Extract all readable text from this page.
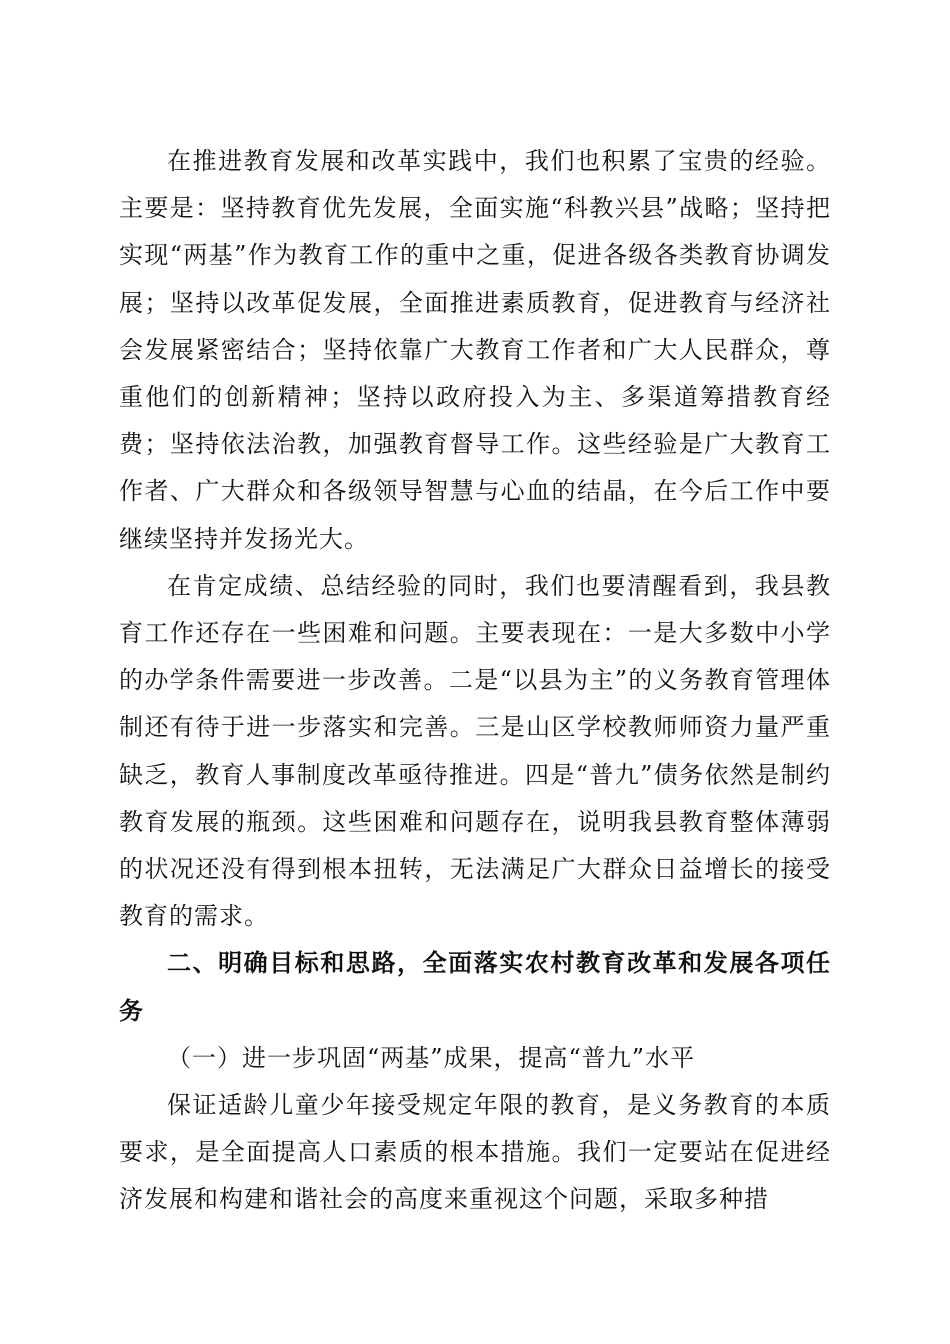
在推进教育发展和改革实践中，我们也积累了宝贵的经验。主要是：坚持教育优先发展，全面实施“科教兴县”战略；坚持把实现“两基”作为教育工作的重中之重，促进各级各类教育协调发展；坚持以改革促发展，全面推进素质教育，促进教育与经济社会发展紧密结合；坚持依靠广大教育工作者和广大人民群众，尊重他们的创新精神；坚持以政府投入为主、多渠道筹措教育经费；坚持依法治教，加强教育督导工作。这些经验是广大教育工作者、广大群众和各级领导智慧与心血的结晶，在今后工作中要继续坚持并发扬光大。

在肯定成绩、总结经验的同时，我们也要清醒看到，我县教育工作还存在一些困难和问题。主要表现在：一是大多数中小学的办学条件需要进一步改善。二是“以县为主”的义务教育管理体制还有待于进一步落实和完善。三是山区学校教师师资力量严重缺乏，教育人事制度改革亟待推进。四是“普九”债务依然是制约教育发展的瓶颈。这些困难和问题存在，说明我县教育整体薄弱的状况还没有得到根本扭转，无法满足广大群众日益增长的接受教育的需求。

二、明确目标和思路，全面落实农村教育改革和发展各项任务

（一）进一步巩固“两基”成果，提高“普九”水平

保证适龄儿童少年接受规定年限的教育，是义务教育的本质要求，是全面提高人口素质的根本措施。我们一定要站在促进经济发展和构建和谐社会的高度来重视这个问题，采取多种措
